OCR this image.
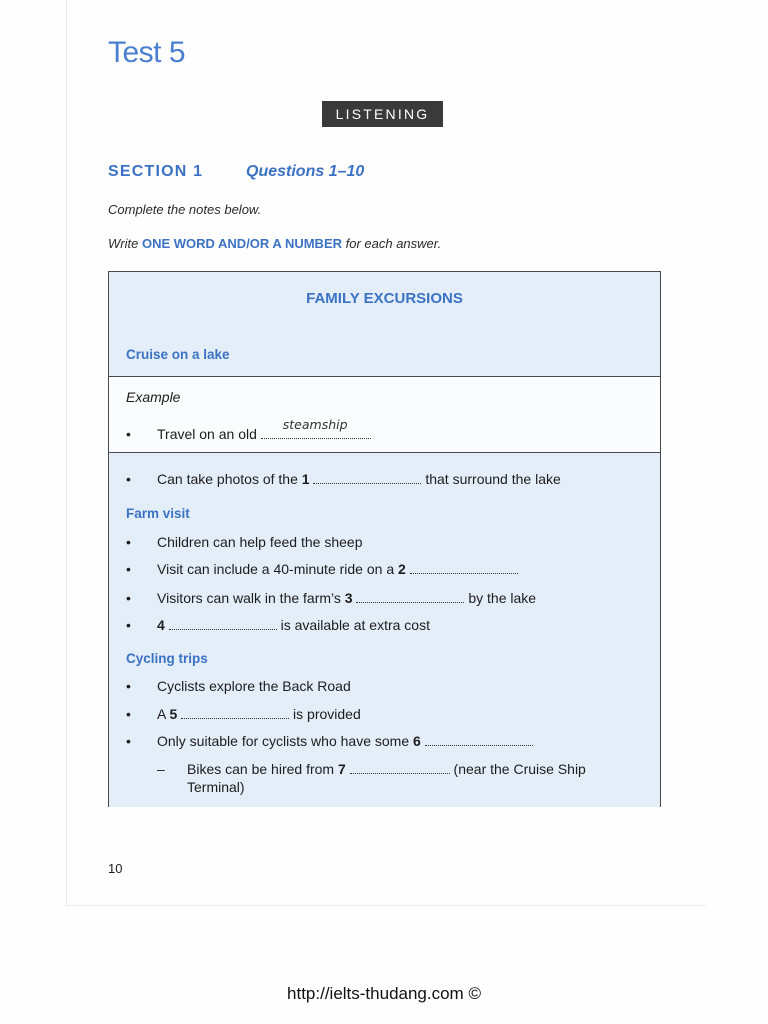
Test 5
LISTENING
SECTION 1	Questions 1–10
Complete the notes below.
Write ONE WORD AND/OR A NUMBER for each answer.
FAMILY EXCURSIONS
Cruise on a lake
Example
• Travel on an old
steamship
• Can take photos of the 1	that surround the lake
Farm visit
• Children can help feed the sheep
• Visit can include a 40-minute ride on a 2
• Visitors can walk in the farm’s 3	by the lake
• 4	is available at extra cost
Cycling trips
• Cyclists explore the Back Road
• A 5	is provided
• Only suitable for cyclists who have some 6
– Bikes can be hired from 7	(near the Cruise Ship
Terminal)
10
http://ielts-thudang.com ©
